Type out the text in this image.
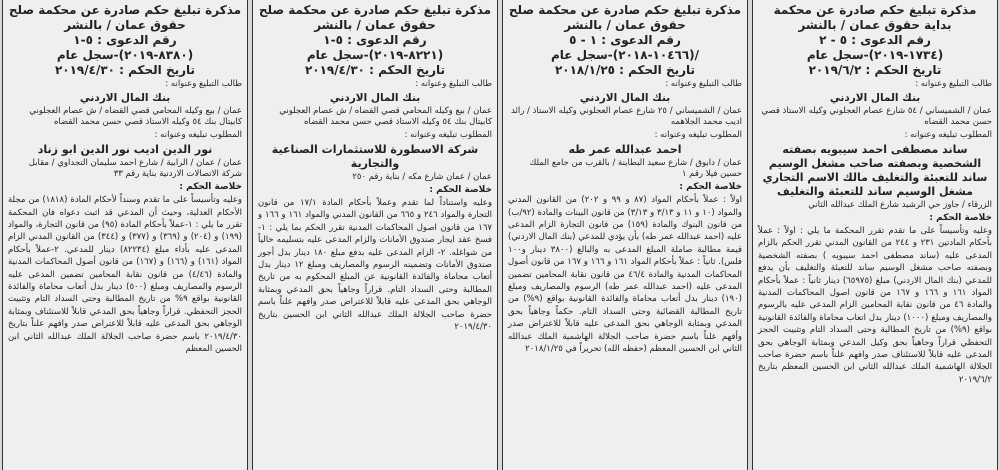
مذكرة تبليغ حكم صادرة عن محكمة بداية حقوق عمان / بالنشر

رقم الدعوى : ٥ - ٢

(١٧٣٤-٢٠١٩)-سجل عام

تاريخ الحكم : ٢٠١٩/٦/٢

طالب التبليغ وعنوانه :

بنك المال الاردني

عمان / الشميساني / ٥٤ شارع عصام العجلوني وكيله الاستاذ قصي حسن محمد القضاه

المطلوب تبليغه وعنوانه :

ساند مصطفى احمد سيبويه بصفته الشخصية وبصفته صاحب مشغل الوسيم ساند للتعبئة والتغليف مالك الاسم التجاري مشغل الوسيم ساند للتعبئة والتغليف

الزرقاء / جاوز حي الرشيد شارع الملك عبدالله الثاني

خلاصة الحكم :

وعليه وتأسيساً على ما تقدم تقرر المحكمة ما يلي : اولاً : عملاً بأحكام المادتين ٢٣١ و ٢٤٤ من القانون المدني تقرر الحكم بالزام المدعى عليه (ساند مصطفى احمد سيبويه ) بصفته الشخصية وبصفته صاحب مشغل الوسيم ساند للتعبئة والتغليف بأن يدفع للمدعي (بنك المال الاردني) مبلغ (٦٥٩٧٥) دينار ثانياً : عملاً بأحكام المواد ١٦١ و ١٦٦ و ١٦٧ من قانون اصول المحاكمات المدنية والمادة ٤٦ من قانون نقابة المحامين الزام المدعى عليه بالرسوم والمصاريف ومبلغ (١٠٠٠) دينار بدل اتعاب محاماة والفائدة القانونية بواقع (٩%) من تاريخ المطالبة وحتى السداد التام وتثبيت الحجز التحفظي قراراً وجاهياً بحق وكيل المدعي وبمثابة الوجاهي بحق المدعى عليه قابلاً للاستئناف صدر وافهم علناً باسم حضرة صاحب الجلالة الهاشمية الملك عبدالله الثاني ابن الحسين المعظم بتاريخ ٢٠١٩/٦/٢

مذكرة تبليغ حكم صادرة عن محكمة صلح حقوق عمان / بالنشر

رقم الدعوى : ١ - ٥

/(١٠٤٦٦-٢٠١٨)-سجل عام

تاريخ الحكم : ٢٠١٨/١/٢٥

طالب التبليغ وعنوانه :

بنك المال الاردني

عمان / الشميساني / ٢٥ شارع عصام العجلوني وكيله الاستاذ / رائد اديب محمد الجلاهمه

المطلوب تبليغه وعنوانه :

احمد عبدالله عمر طه

عمان / دابوق / شارع سعيد البطاينة / بالقرب من جامع الملك حسين فيلا رقم ١

خلاصة الحكم :

اولاً : عملاً بأحكام المواد (٨٧ و ٩٩ و ٢٠٢) من القانون المدني والمواد (١٠ و ١١ و ٣/١٣ و ٣/١٣) من قانون البينات والمادة (٩٢/ب) من قانون البنوك والمادة (١٥٩) من قانون التجارة الزام المدعى عليه (احمد عبدالله عمر طه) بأن يؤدي للمدعي (بنك المال الاردني) قيمة مطالبة صاملة المبلغ المدعى به والبالغ (٣٨٠٠ دينار و١٠٠ فلس). ثانياً : عملاً بأحكام المواد ١٦١ و ١٦٦ و ١٦٧ من قانون أصول المحاكمات المدنية والمادة ٤٦/٤ من قانون نقابة المحامين تضمين المدعى عليه (احمد عبدالله عمر طه) الرسوم والمصاريف ومبلغ (١٩٠) دينار بدل أتعاب محاماة والفائدة القانونية بواقع (٩%) من تاريخ المطالبة القضائية وحتى السداد التام. حكماً وجاهياً بحق المدعي وبمثابة الوجاهي بحق المدعى عليه قابلاً للاعتراض صدر وأفهم علناً باسم حضرة صاحب الجلالة الهاشمية الملك عبدالله الثاني ابن الحسين المعظم (حفظه الله) تحريراً في ٢٠١٨/١/٢٥

مذكرة تبليغ حكم صادرة عن محكمة صلح حقوق عمان / بالنشر

رقم الدعوى : ٥-١

(٨٢٢١-٢٠١٩)-سجل عام

تاريخ الحكم : ٢٠١٩/٤/٣٠

طالب التبليغ وعنوانه :

بنك المال الاردني

عمان / بيع وكيله المحامي قصي القضاه / ش عصام العجلوني كابيتال بنك ٥٤ وكيله الاستاذ قصي حسن محمد القضاه

المطلوب تبليغه وعنوانه :

شركة الاسطورة للاستثمارات الصناعية والتجارية

عمان / عمان شارع مكه / بناية رقم ٢٥٠

خلاصة الحكم :

وعليه واستناداً لما تقدم وعملاً بأحكام المادة ١٧/١ من قانون التجارة والمواد ٢٤٦ و ٦٦٥ من القانون المدني والمواد ١٦١ و ١٦٦ و ١٦٧ من قانون اصول المحاكمات المدنية تقرر الحكم بما يلي : ١- فسخ عقد ايجار صندوق الأمانات والزام المدعى عليه بتسليمه خالياً من شواغله. ٢- الزام المدعى عليه بدفع مبلغ ١٨٠ دينار بدل أجور صندوق الأمانات وتضمينه الرسوم والمصاريف ومبلغ ١٢ دينار بدل أتعاب محاماة والفائدة القانونية عن المبلغ المحكوم به من تاريخ المطالبة وحتى السداد التام. قراراً وجاهياً بحق المدعي وبمثابة الوجاهي بحق المدعى عليه قابلاً للاعتراض صدر وافهم علناً باسم حضرة صاحب الجلالة الملك عبدالله الثاني ابن الحسين بتاريخ ٢٠١٩/٤/٣٠

مذكرة تبليغ حكم صادرة عن محكمة صلح حقوق عمان / بالنشر

رقم الدعوى : ٥-١

(٨٣٨٠-٢٠١٩)-سجل عام

تاريخ الحكم : ٢٠١٩/٤/٣٠

طالب التبليغ وعنوانه :

بنك المال الاردني

عمان / بيع وكيله المحامي قصي القضاه / ش عصام العجلوني كابيتال بنك ٥٤ وكيله الاستاذ قصي حسن محمد القضاه

المطلوب تبليغه وعنوانه :

نور الدين اديب نور الدين ابو زناد

عمان / عمان / الرابية / شارع احمد سليمان التجداوي / مقابل شركة الاتصالات الاردنية بناية رقم ٣٣

خلاصة الحكم :

وعليه وتأسيساً على ما تقدم وسنداً لأحكام المادة (١٨١٨) من مجلة الأحكام العدلية، وحيث أن المدعي قد اثبت دعواه فان المحكمة تقرر ما يلي : ١-عملاً بأحكام المادة (٩٥) من قانون التجارة، والمواد (١٩٩) و (٢٠٤) و (٣٦٩) و (٣٧٧) و (٣٤٤) من القانون المدني الزام المدعى عليه بأداء مبلغ (٨٢٢٣٤) دينار للمدعي. ٢-عملاً بأحكام المواد (١٦١) و (١٦٦) و (١٦٧) من قانون أصول المحاكمات المدنية والمادة (٤/٤٦) من قانون نقابة المحامين تضمين المدعى عليه الرسوم والمصاريف ومبلغ (٥٠٠) دينار بدل أتعاب محاماة والفائدة القانونية بواقع ٩% من تاريخ المطالبة وحتى السداد التام وتثبيت الحجز التحفظي. قراراً وجاهياً بحق المدعي قابلاً للاستئناف وبمثابة الوجاهي بحق المدعى عليه قابلاً للاعتراض صدر وافهم علناً بتاريخ ٢٠١٩/٤/٣٠ باسم حضرة صاحب الجلالة الملك عبدالله الثاني ابن الحسين المعظم
